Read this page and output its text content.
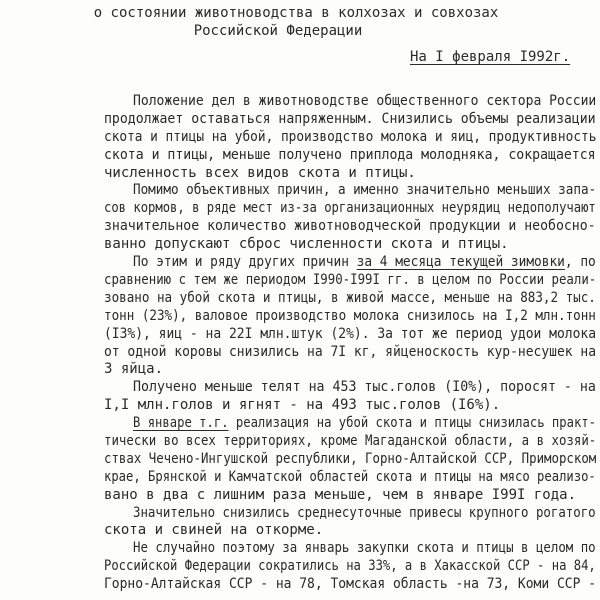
о состоянии животноводства в колхозах и совхозах
Российской Федерации
На I февраля I992г.
Положение дел в животноводстве общественного сектора России
продолжает оставаться напряженным. Снизились объемы реализации
скота и птицы на убой, производство молока и яиц, продуктивность
скота и птицы, меньше получено приплода молодняка, сокращается
численность всех видов скота и птицы.
Помимо объективных причин, а именно значительно меньших запа-
сов кормов, в ряде мест из-за организационных неурядиц недополучают
значительное количество животноводческой продукции и необосно-
ванно допускают сброс численности скота и птицы.
По этим и ряду других причин за 4 месяца текущей зимовки, по
сравнению с тем же периодом I990-I99I гг. в целом по России реали-
зовано на убой скота и птицы, в живой массе, меньше на 883,2 тыс.
тонн (23%), валовое производство молока снизилось на I,2 млн.тонн
(I3%), яиц - на 22I млн.штук (2%). За тот же период удои молока
от одной коровы снизились на 7I кг, яйценоскость кур-несушек на
3 яйца.
Получено меньше телят на 453 тыс.голов (I0%), поросят - на
I,I млн.голов и ягнят - на 493 тыс.голов (I6%).
В январе т.г. реализация на убой скота и птицы снизилась практ-
тически во всех территориях, кроме Магаданской области, а в хозяй-
ствах Чечено-Ингушской республики, Горно-Алтайской ССР, Приморском
крае, Брянской и Камчатской областей скота и птицы на мясо реализо-
вано в два с лишним раза меньше, чем в январе I99I года.
Значительно снизились среднесуточные привесы крупного рогатого
скота и свиней на откорме.
Не случайно поэтому за январь закупки скота и птицы в целом по
Российской Федерации сократились на 33%, а в Хакасской ССР - на 84,
Горно-Алтайская ССР - на 78, Томская область -на 73, Коми ССР -
